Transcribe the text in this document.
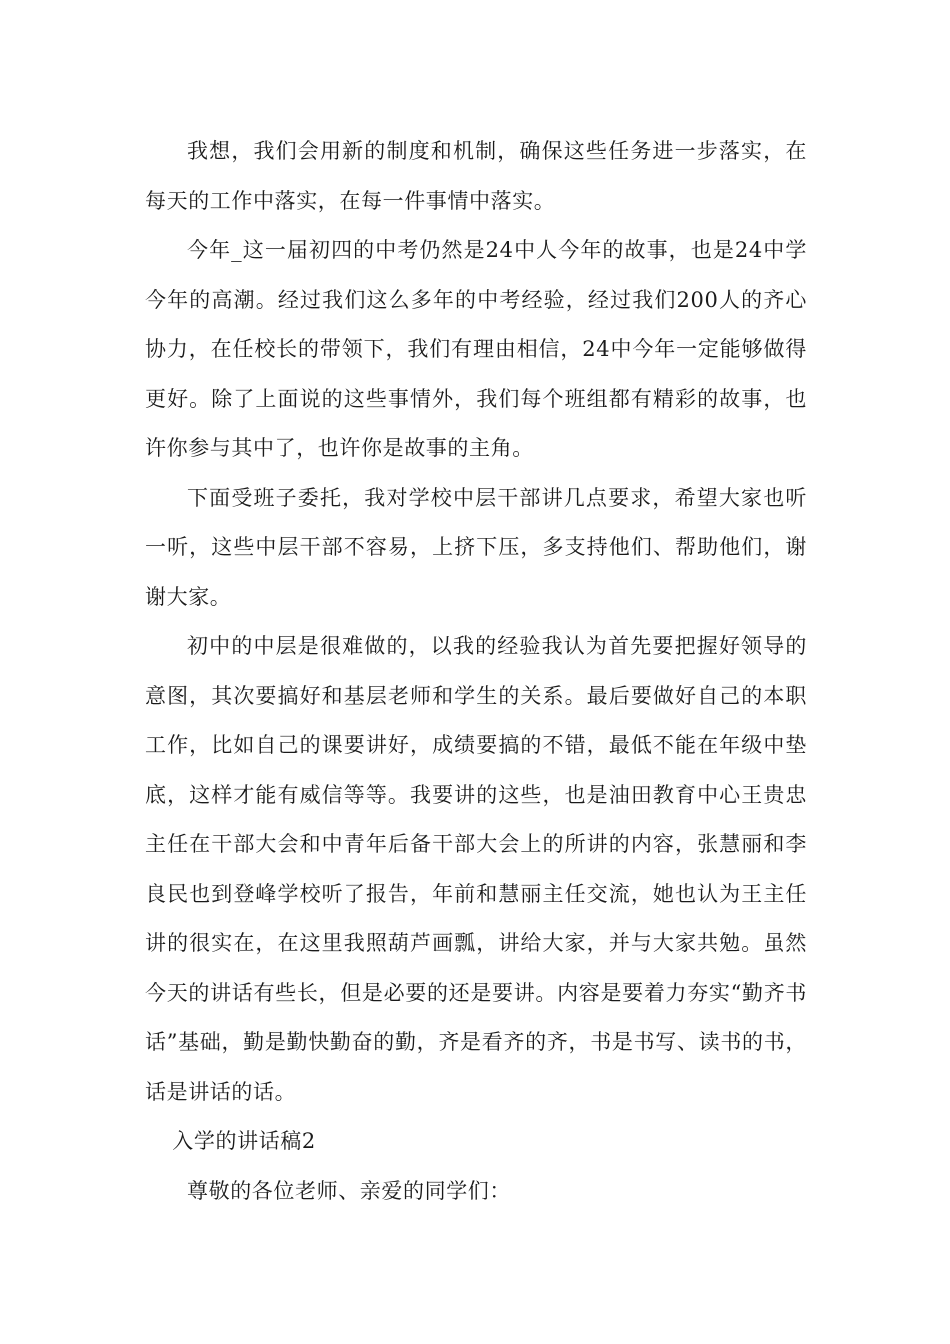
我想，我们会用新的制度和机制，确保这些任务进一步落实，在每天的工作中落实，在每一件事情中落实。

今年_这一届初四的中考仍然是24中人今年的故事，也是24中学今年的高潮。经过我们这么多年的中考经验，经过我们200人的齐心协力，在任校长的带领下，我们有理由相信，24中今年一定能够做得更好。除了上面说的这些事情外，我们每个班组都有精彩的故事，也许你参与其中了，也许你是故事的主角。

下面受班子委托，我对学校中层干部讲几点要求，希望大家也听一听，这些中层干部不容易，上挤下压，多支持他们、帮助他们，谢谢大家。

初中的中层是很难做的，以我的经验我认为首先要把握好领导的意图，其次要搞好和基层老师和学生的关系。最后要做好自己的本职工作，比如自己的课要讲好，成绩要搞的不错，最低不能在年级中垫底，这样才能有威信等等。我要讲的这些，也是油田教育中心王贵忠主任在干部大会和中青年后备干部大会上的所讲的内容，张慧丽和李良民也到登峰学校听了报告，年前和慧丽主任交流，她也认为王主任讲的很实在，在这里我照葫芦画瓢，讲给大家，并与大家共勉。虽然今天的讲话有些长，但是必要的还是要讲。内容是要着力夯实“勤齐书话”基础，勤是勤快勤奋的勤，齐是看齐的齐，书是书写、读书的书，话是讲话的话。

入学的讲话稿2

尊敬的各位老师、亲爱的同学们：
